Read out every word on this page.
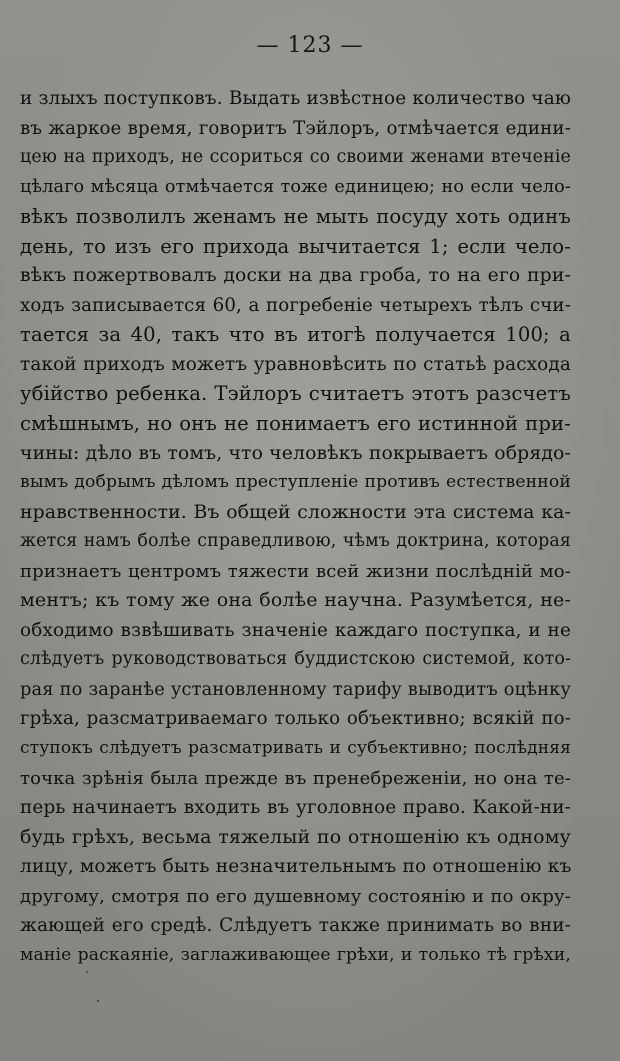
— 123 —
и злыхъ поступковъ. Выдать извѣстное количество чаю
въ жаркое время, говоритъ Тэйлоръ, отмѣчается едини-
цею на приходъ, не ссориться со своими женами втеченіе
цѣлаго мѣсяца отмѣчается тоже единицею; но если чело-
вѣкъ позволилъ женамъ не мыть посуду хоть одинъ
день, то изъ его прихода вычитается 1; если чело-
вѣкъ пожертвовалъ доски на два гроба, то на его при-
ходъ записывается 60, а погребеніе четырехъ тѣлъ счи-
тается за 40, такъ что въ итогѣ получается 100; а
такой приходъ можетъ уравновѣсить по статьѣ расхода
убійство ребенка. Тэйлоръ считаетъ этотъ разсчетъ
смѣшнымъ, но онъ не понимаетъ его истинной при-
чины: дѣло въ томъ, что человѣкъ покрываетъ обрядо-
вымъ добрымъ дѣломъ преступленіе противъ естественной
нравственности. Въ общей сложности эта система ка-
жется намъ болѣе справедливою, чѣмъ доктрина, которая
признаетъ центромъ тяжести всей жизни послѣдній мо-
ментъ; къ тому же она болѣе научна. Разумѣется, не-
обходимо взвѣшивать значеніе каждаго поступка, и не
слѣдуетъ руководствоваться буддистскою системой, кото-
рая по заранѣе установленному тарифу выводитъ оцѣнку
грѣха, разсматриваемаго только объективно; всякій по-
ступокъ слѣдуетъ разсматривать и субъективно; послѣдняя
точка зрѣнія была прежде въ пренебреженіи, но она те-
перь начинаетъ входить въ уголовное право. Какой-ни-
будь грѣхъ, весьма тяжелый по отношенію къ одному
лицу, можетъ быть незначительнымъ по отношенію къ
другому, смотря по его душевному состоянію и по окру-
жающей его средѣ. Слѣдуетъ также принимать во вни-
маніе раскаяніе, заглаживающее грѣхи, и только тѣ грѣхи,
